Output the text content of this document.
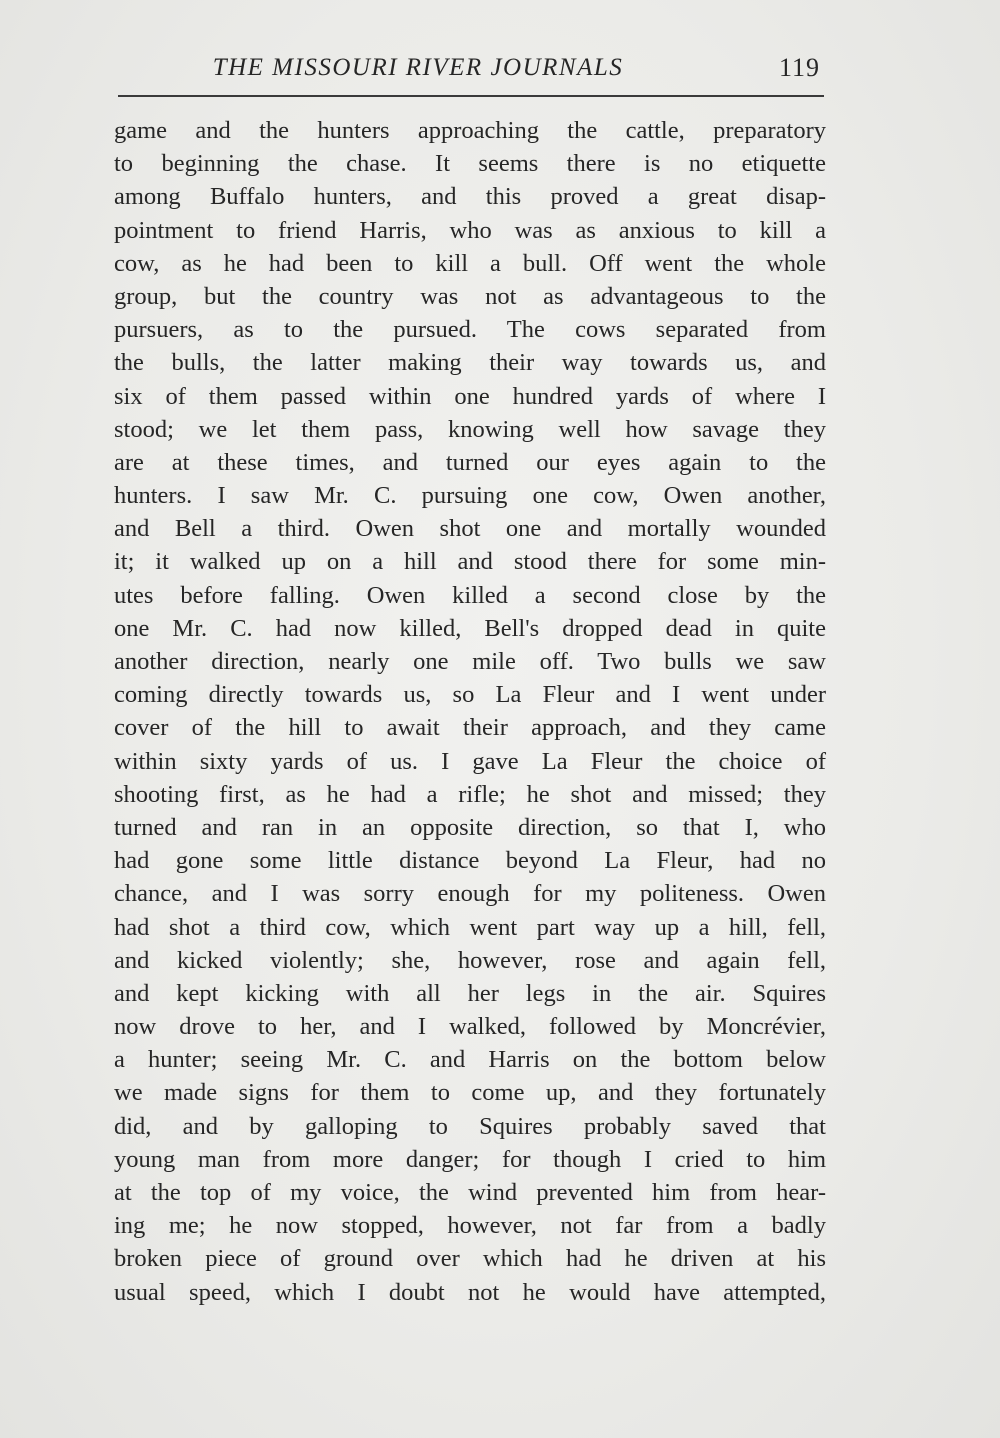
THE MISSOURI RIVER JOURNALS	119
game and the hunters approaching the cattle, preparatory
to beginning the chase. It seems there is no etiquette
among Buffalo hunters, and this proved a great disap-
pointment to friend Harris, who was as anxious to kill a
cow, as he had been to kill a bull. Off went the whole
group, but the country was not as advantageous to the
pursuers, as to the pursued. The cows separated from
the bulls, the latter making their way towards us, and
six of them passed within one hundred yards of where I
stood; we let them pass, knowing well how savage they
are at these times, and turned our eyes again to the
hunters. I saw Mr. C. pursuing one cow, Owen another,
and Bell a third. Owen shot one and mortally wounded
it; it walked up on a hill and stood there for some min-
utes before falling. Owen killed a second close by the
one Mr. C. had now killed, Bell's dropped dead in quite
another direction, nearly one mile off. Two bulls we saw
coming directly towards us, so La Fleur and I went under
cover of the hill to await their approach, and they came
within sixty yards of us. I gave La Fleur the choice of
shooting first, as he had a rifle; he shot and missed; they
turned and ran in an opposite direction, so that I, who
had gone some little distance beyond La Fleur, had no
chance, and I was sorry enough for my politeness. Owen
had shot a third cow, which went part way up a hill, fell,
and kicked violently; she, however, rose and again fell,
and kept kicking with all her legs in the air. Squires
now drove to her, and I walked, followed by Moncrévier,
a hunter; seeing Mr. C. and Harris on the bottom below
we made signs for them to come up, and they fortunately
did, and by galloping to Squires probably saved that
young man from more danger; for though I cried to him
at the top of my voice, the wind prevented him from hear-
ing me; he now stopped, however, not far from a badly
broken piece of ground over which had he driven at his
usual speed, which I doubt not he would have attempted,
